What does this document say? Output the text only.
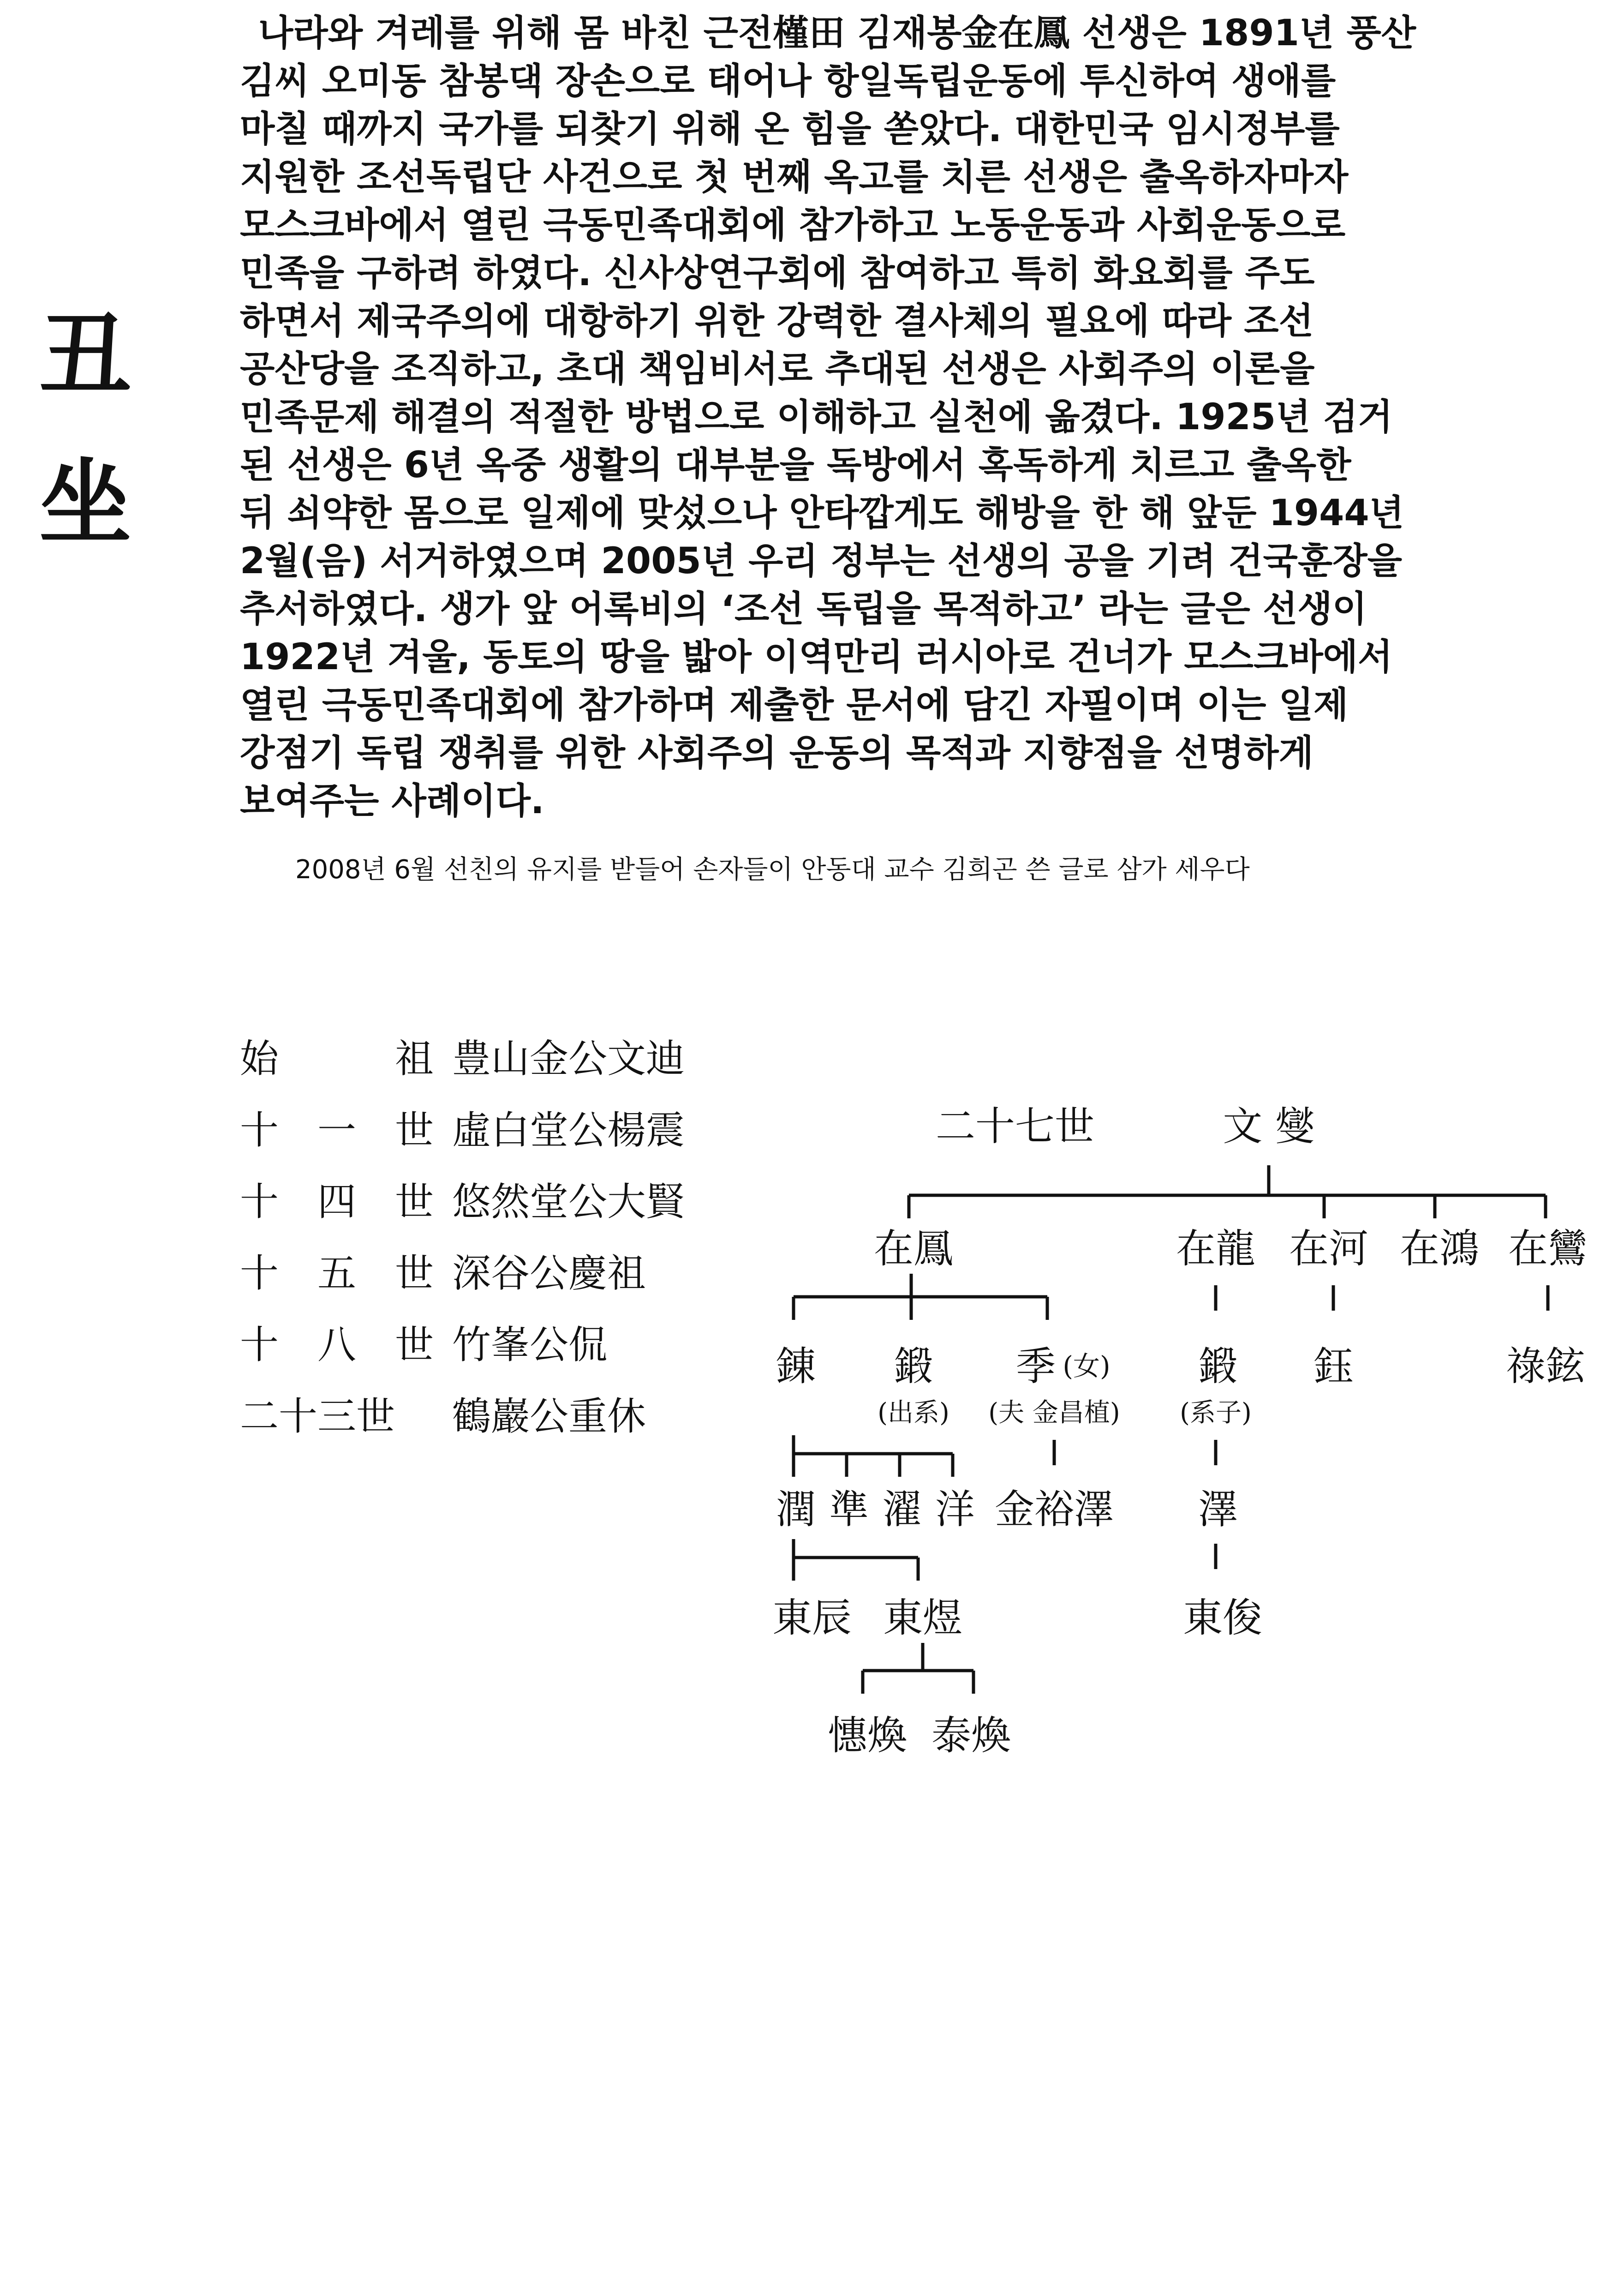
丑
坐
나라와 겨레를 위해 몸 바친 근전槿田 김재봉金在鳳 선생은 1891년 풍산
김씨 오미동 참봉댁 장손으로 태어나 항일독립운동에 투신하여 생애를
마칠 때까지 국가를 되찾기 위해 온 힘을 쏟았다. 대한민국 임시정부를
지원한 조선독립단 사건으로 첫 번째 옥고를 치른 선생은 출옥하자마자
모스크바에서 열린 극동민족대회에 참가하고 노동운동과 사회운동으로
민족을 구하려 하였다. 신사상연구회에 참여하고 특히 화요회를 주도
하면서 제국주의에 대항하기 위한 강력한 결사체의 필요에 따라 조선
공산당을 조직하고, 초대 책임비서로 추대된 선생은 사회주의 이론을
민족문제 해결의 적절한 방법으로 이해하고 실천에 옮겼다. 1925년 검거
된 선생은 6년 옥중 생활의 대부분을 독방에서 혹독하게 치르고 출옥한
뒤 쇠약한 몸으로 일제에 맞섰으나 안타깝게도 해방을 한 해 앞둔 1944년
2월(음) 서거하였으며 2005년 우리 정부는 선생의 공을 기려 건국훈장을
추서하였다. 생가 앞 어록비의 ‘조선 독립을 목적하고’ 라는 글은 선생이
1922년 겨울, 동토의 땅을 밟아 이역만리 러시아로 건너가 모스크바에서
열린 극동민족대회에 참가하며 제출한 문서에 담긴 자필이며 이는 일제
강점기 독립 쟁취를 위한 사회주의 운동의 목적과 지향점을 선명하게
보여주는 사례이다.
2008년 6월 선친의 유지를 받들어 손자들이 안동대 교수 김희곤 쓴 글로 삼가 세우다
始	祖 豊山金公文迪
十 一 世 虛白堂公楊震
十 四 世 悠然堂公大賢
十 五 世 深谷公慶祖
十 八 世 竹峯公侃
二十三世 鶴巖公重休
二十七世	文 燮
在鳳	在龍 在河 在鴻 在鸞
錬 鍛
(出系)
季 (女)
(夫 金昌植)
鍛
(系子)
鈺	祿鉉
潤 準 濯 洋 金裕澤 澤
東辰 東煜	東俊
憓煥 泰煥
